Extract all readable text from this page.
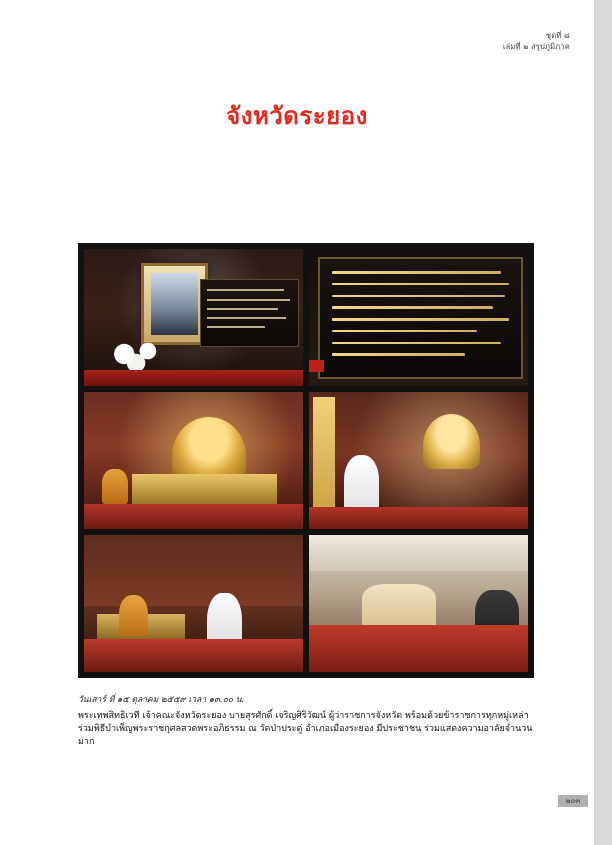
ชุดที่ ๘
เล่มที่ ๒ สรุปภูมิภาค
จังหวัดระยอง
วันเสาร์ ที่ ๑๕ ตุลาคม ๒๕๕๙ เวลา ๑๓.๐๐ น.
พระเทพสิทธิเวที เจ้าคณะจังหวัดระยอง บายสุรศักดิ์ เจริญศิริวัฒน์ ผู้ว่าราชการจังหวัด พร้อมด้วยข้าราชการทุกหมู่เหล่า
ร่วมพิธีบำเพ็ญพระราชกุศลสวดพระอภิธรรม ณ วัดป่าประดู่ อำเภอเมืองระยอง มีประชาชน ร่วมแสดงความอาลัยจำนวนมาก
๒๐๓
